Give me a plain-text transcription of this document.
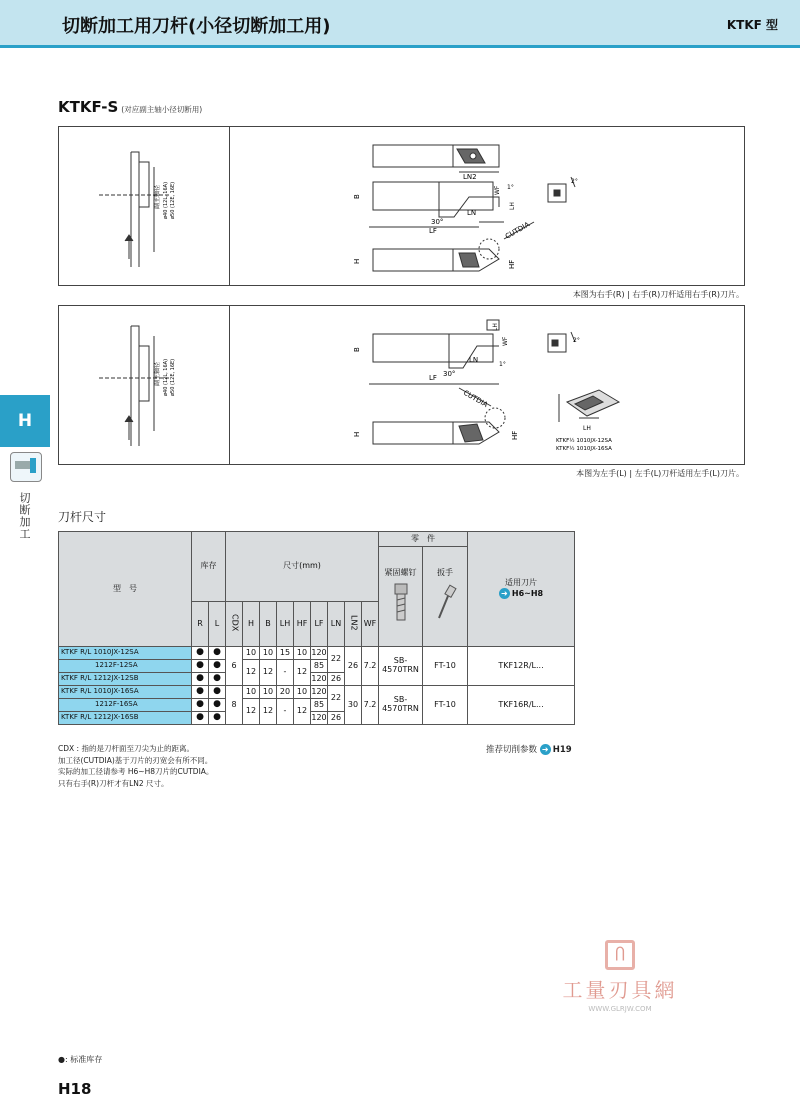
切断加工用刀杆(小径切断加工用)	KTKF 型
H
切断加工
KTKF-S (对应副主轴小径切断用)
副主轴径 ø40 (12L, 16A) ø50 (12E, 16E)	B
LN2
WF
LN
30°
LF
LH
1°
2°
H
CUTDIA
HF
本图为右手(R) | 右手(R)刀杆适用右手(R)刀片。
副主轴径 ø40 (12L, 16A) ø50 (12E, 16E)
B
WF
1°
LN
30°
LF
LH
2°
H
CUTDIA
HF
LH
KTKF½ 1010JX-12SA
KTKF½ 1010JX-16SA
本图为左手(L) | 左手(L)刀杆适用左手(L)刀片。
刀杆尺寸
型　号	库存		尺寸(mm)									零　件		适用刀片
➜ H6~H8

												紧固螺钉	扳手	

	R	L	CDX	H	B	LH	HF	LF	LN	LN2	WF			
KTKF R/L 1010JX-12SA	●	●	6	10	10	15	10	120	22	26	7.2	SB-4570TRN	FT-10	TKF12R/L...
1212F-12SA	●	●		12	12	-	12	85						
KTKF R/L 1212JX-12SB	●	●						120	26					
KTKF R/L 1010JX-16SA	●	●	8	10	10	20	10	120	22	30	7.2	SB-4570TRN	FT-10	TKF16R/L...
1212F-16SA	●	●		12	12	-	12	85						
KTKF R/L 1212JX-16SB	●	●						120	26					
CDX : 指的是刀杆面至刀尖为止的距离。
加工径(CUTDIA)基于刀片的刃宽会有所不同。
实际的加工径请参考 H6~H8刀片的CUTDIA。
只有右手(R)刀杆才有LN2 尺寸。
推荐切削参数 ➜ H19
Ⴖ
工量刃具網
WWW.GLRJW.COM
●: 标准库存
H18
